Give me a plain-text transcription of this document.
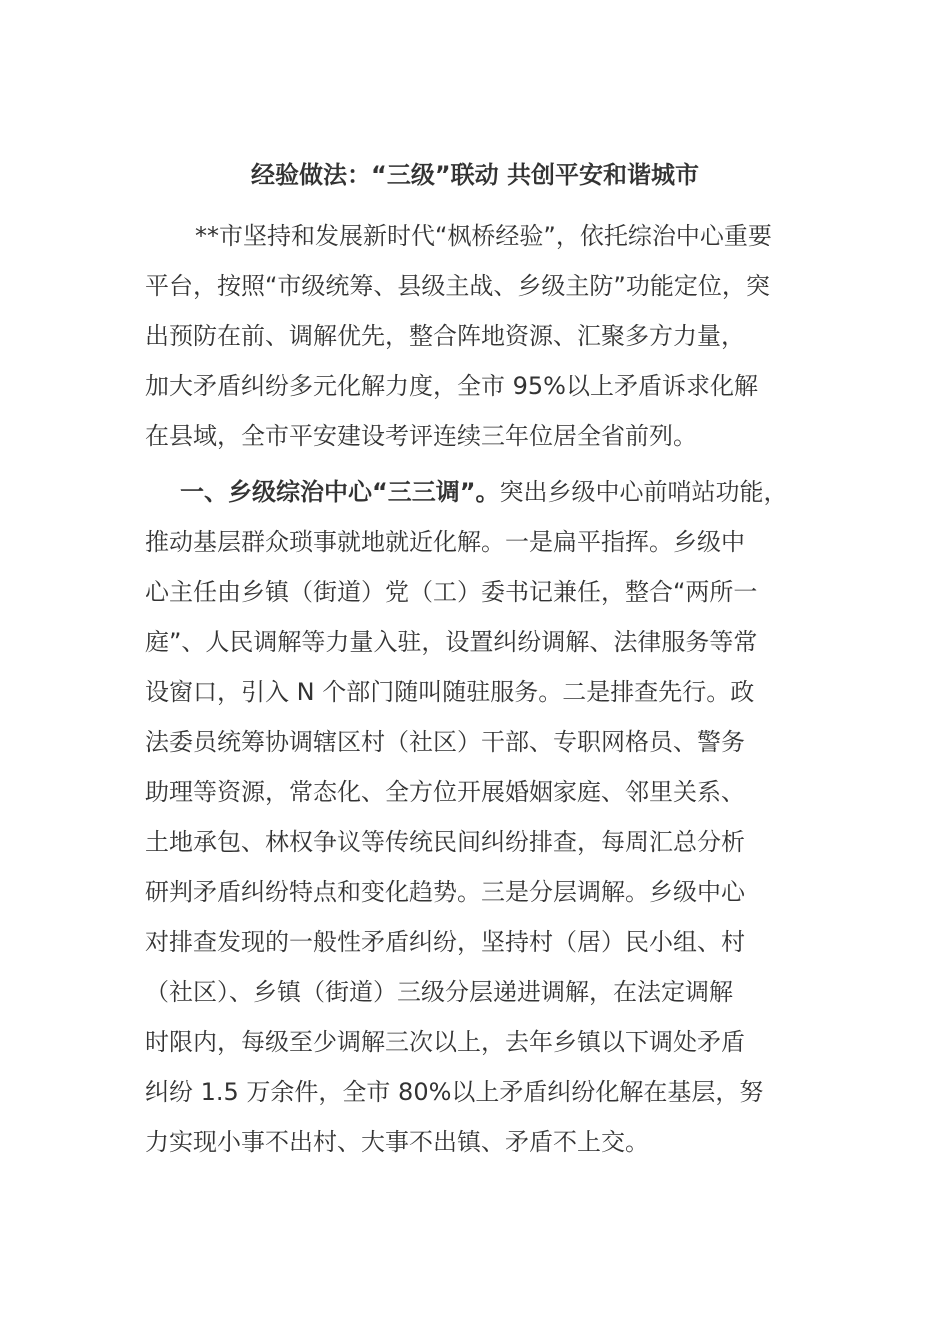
经验做法：“三级”联动 共创平安和谐城市
**市坚持和发展新时代“枫桥经验”，依托综治中心重要
平台，按照“市级统筹、县级主战、乡级主防”功能定位，突
出预防在前、调解优先，整合阵地资源、汇聚多方力量，
加大矛盾纠纷多元化解力度，全市 95%以上矛盾诉求化解
在县域，全市平安建设考评连续三年位居全省前列。
一、乡级综治中心“三三调”。突出乡级中心前哨站功能，
推动基层群众琐事就地就近化解。一是扁平指挥。乡级中
心主任由乡镇（街道）党（工）委书记兼任，整合“两所一
庭”、人民调解等力量入驻，设置纠纷调解、法律服务等常
设窗口，引入 N 个部门随叫随驻服务。二是排查先行。政
法委员统筹协调辖区村（社区）干部、专职网格员、警务
助理等资源，常态化、全方位开展婚姻家庭、邻里关系、
土地承包、林权争议等传统民间纠纷排查，每周汇总分析
研判矛盾纠纷特点和变化趋势。三是分层调解。乡级中心
对排查发现的一般性矛盾纠纷，坚持村（居）民小组、村
（社区）、乡镇（街道）三级分层递进调解，在法定调解
时限内，每级至少调解三次以上，去年乡镇以下调处矛盾
纠纷 1.5 万余件，全市 80%以上矛盾纠纷化解在基层，努
力实现小事不出村、大事不出镇、矛盾不上交。
